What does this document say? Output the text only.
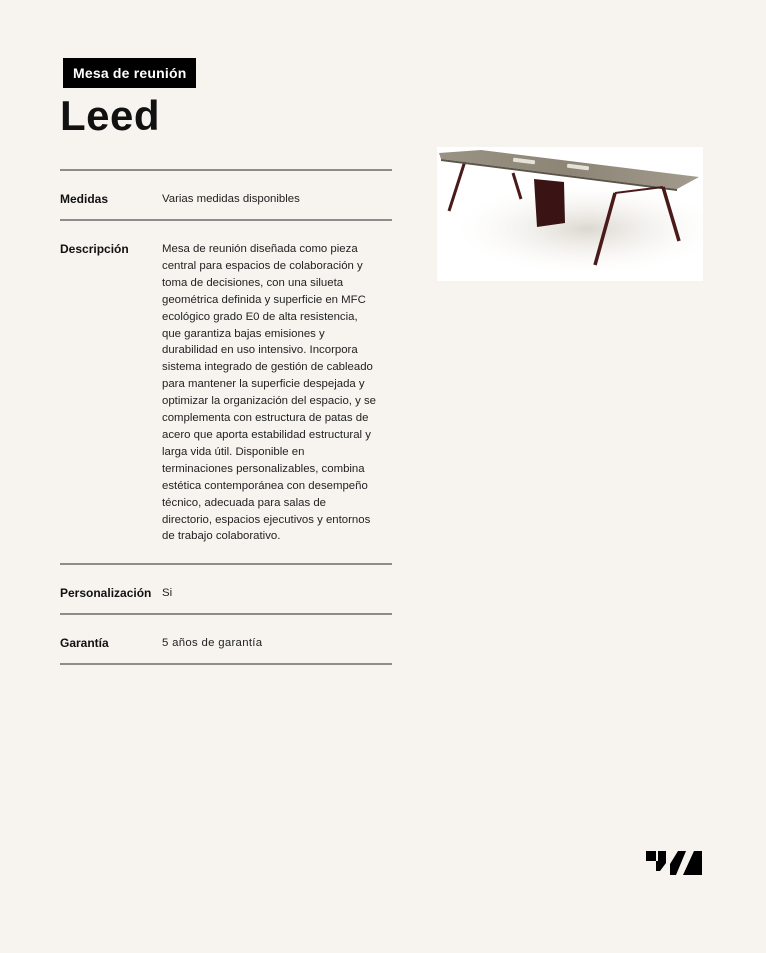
Mesa de reunión
Leed
Medidas	Varias medidas disponibles
Descripción	Mesa de reunión diseñada como pieza
central para espacios de colaboración y
toma de decisiones, con una silueta
geométrica definida y superficie en MFC
ecológico grado E0 de alta resistencia,
que garantiza bajas emisiones y
durabilidad en uso intensivo. Incorpora
sistema integrado de gestión de cableado
para mantener la superficie despejada y
optimizar la organización del espacio, y se
complementa con estructura de patas de
acero que aporta estabilidad estructural y
larga vida útil. Disponible en
terminaciones personalizables, combina
estética contemporánea con desempeño
técnico, adecuada para salas de
directorio, espacios ejecutivos y entornos
de trabajo colaborativo.
Personalización Si
Garantía	5 años de garantía
